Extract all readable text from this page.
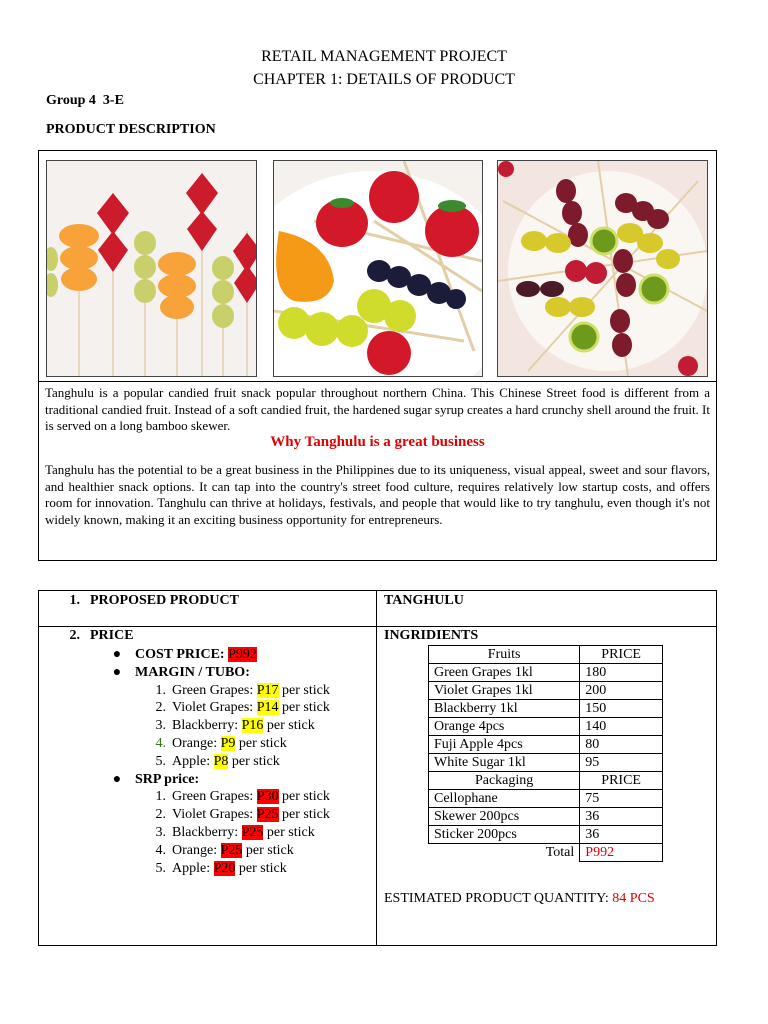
RETAIL MANAGEMENT PROJECT
CHAPTER 1: DETAILS OF PRODUCT
Group 4  3-E
PRODUCT DESCRIPTION
Tanghulu is a popular candied fruit snack popular throughout northern China. This Chinese Street food is different from a traditional candied fruit. Instead of a soft candied fruit, the hardened sugar syrup creates a hard crunchy shell around the fruit. It is served on a long bamboo skewer.
Why Tanghulu is a great business
Tanghulu has the potential to be a great business in the Philippines due to its uniqueness, visual appeal, sweet and sour flavors, and healthier snack options. It can tap into the country's street food culture, requires relatively low startup costs, and offers room for innovation. Tanghulu can thrive at holidays, festivals, and people that would like to try tanghulu, even though it's not widely known, making it an exciting business opportunity for entrepreneurs.
1. PROPOSED PRODUCT	TANGHULU
2. PRICE
● COST PRICE: P992
● MARGIN / TUBO:
1. Green Grapes: P17 per stick
2. Violet Grapes: P14 per stick
3. Blackberry: P16 per stick
4. Orange: P9 per stick
5. Apple: P8 per stick
● SRP price:
1. Green Grapes: P30 per stick
2. Violet Grapes: P25 per stick
3. Blackberry: P25 per stick
4. Orange: P25 per stick
5. Apple: P20 per stick
INGRIDIENTS
Fruits	PRICE
Green Grapes 1kl	180
Violet Grapes 1kl	200
Blackberry 1kl	150
Orange 4pcs	140
Fuji Apple 4pcs	80
White Sugar 1kl	95
Packaging	PRICE
Cellophane	75
Skewer 200pcs	36
Sticker 200pcs	36
Total	P992
ESTIMATED PRODUCT QUANTITY: 84 PCS
